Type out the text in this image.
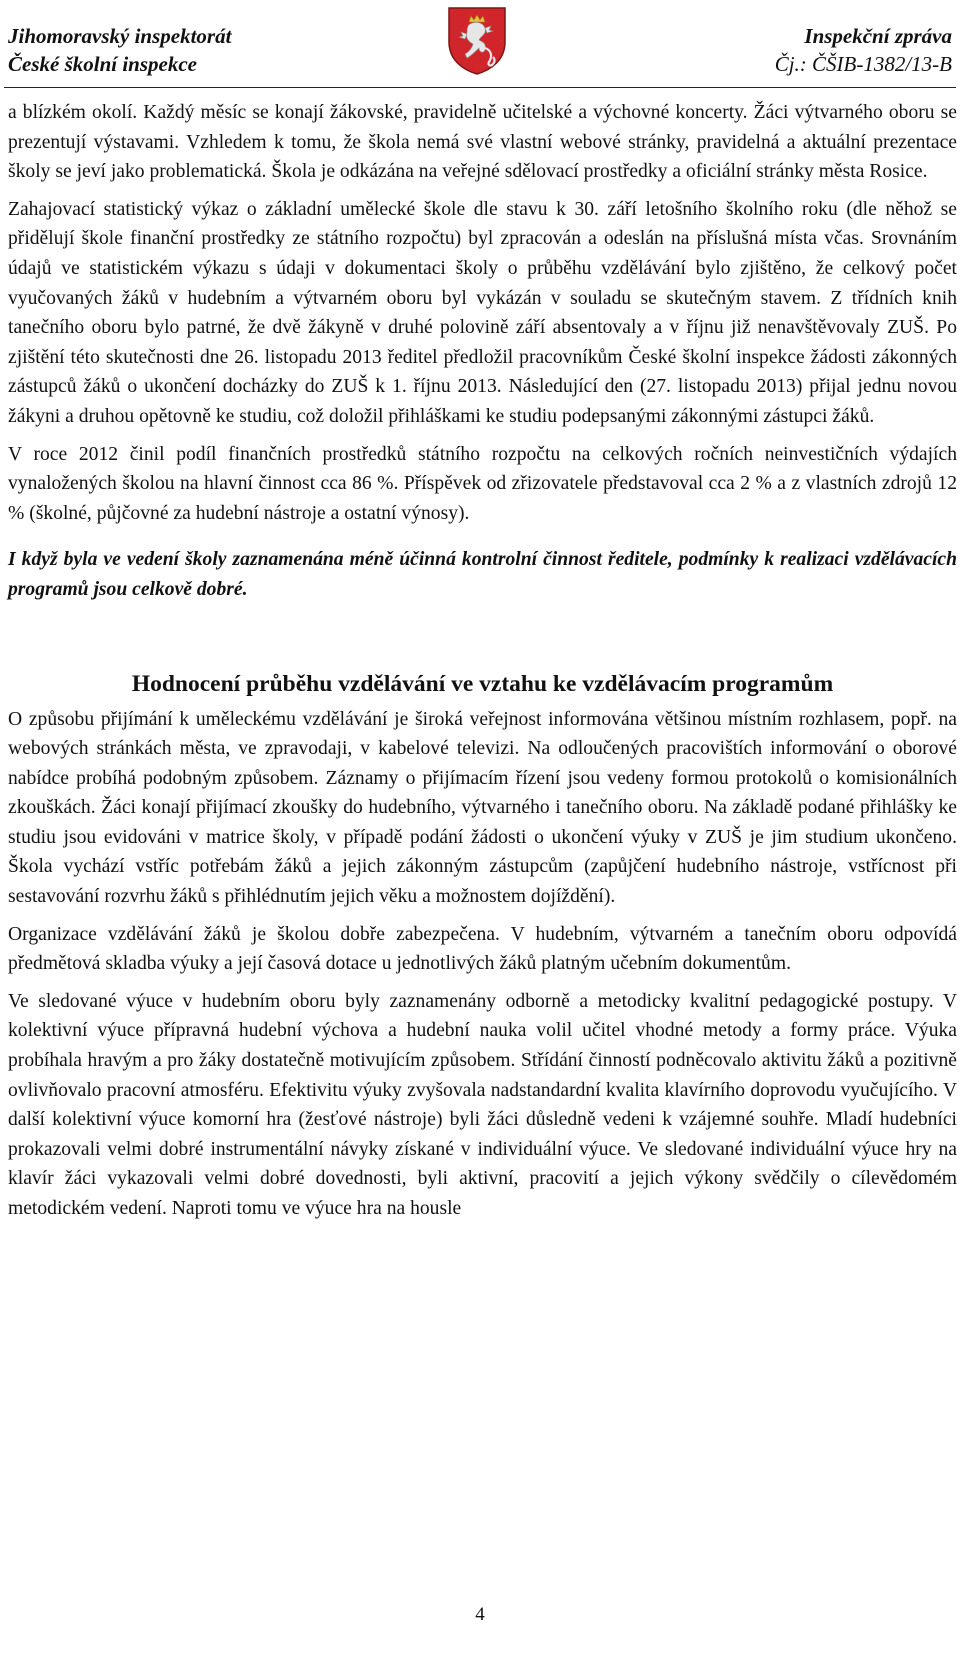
Jihomoravský inspektorát
České školní inspekce
Inspekční zpráva
Čj.: ČŠIB-1382/13-B

a blízkém okolí. Každý měsíc se konají žákovské, pravidelně učitelské a výchovné koncerty. Žáci výtvarného oboru se prezentují výstavami. Vzhledem k tomu, že škola nemá své vlastní webové stránky, pravidelná a aktuální prezentace školy se jeví jako problematická. Škola je odkázána na veřejné sdělovací prostředky a oficiální stránky města Rosice.

Zahajovací statistický výkaz o základní umělecké škole dle stavu k 30. září letošního školního roku (dle něhož se přidělují škole finanční prostředky ze státního rozpočtu) byl zpracován a odeslán na příslušná místa včas. Srovnáním údajů ve statistickém výkazu s údaji v dokumentaci školy o průběhu vzdělávání bylo zjištěno, že celkový počet vyučovaných žáků v hudebním a výtvarném oboru byl vykázán v souladu se skutečným stavem. Z třídních knih tanečního oboru bylo patrné, že dvě žákyně v druhé polovině září absentovaly a v říjnu již nenavštěvovaly ZUŠ. Po zjištění této skutečnosti dne 26. listopadu 2013 ředitel předložil pracovníkům České školní inspekce žádosti zákonných zástupců žáků o ukončení docházky do ZUŠ k 1. říjnu 2013. Následující den (27. listopadu 2013) přijal jednu novou žákyni a druhou opětovně ke studiu, což doložil přihláškami ke studiu podepsanými zákonnými zástupci žáků.

V roce 2012 činil podíl finančních prostředků státního rozpočtu na celkových ročních neinvestičních výdajích vynaložených školou na hlavní činnost cca 86 %. Příspěvek od zřizovatele představoval cca 2 % a z vlastních zdrojů 12 % (školné, půjčovné za hudební nástroje a ostatní výnosy).

I když byla ve vedení školy zaznamenána méně účinná kontrolní činnost ředitele, podmínky k realizaci vzdělávacích programů jsou celkově dobré.

Hodnocení průběhu vzdělávání ve vztahu ke vzdělávacím programům

O způsobu přijímání k uměleckému vzdělávání je široká veřejnost informována většinou místním rozhlasem, popř. na webových stránkách města, ve zpravodaji, v kabelové televizi. Na odloučených pracovištích informování o oborové nabídce probíhá podobným způsobem. Záznamy o přijímacím řízení jsou vedeny formou protokolů o komisionálních zkouškách. Žáci konají přijímací zkoušky do hudebního, výtvarného i tanečního oboru. Na základě podané přihlášky ke studiu jsou evidováni v matrice školy, v případě podání žádosti o ukončení výuky v ZUŠ je jim studium ukončeno. Škola vychází vstříc potřebám žáků a jejich zákonným zástupcům (zapůjčení hudebního nástroje, vstřícnost při sestavování rozvrhu žáků s přihlédnutím jejich věku a možnostem dojíždění).

Organizace vzdělávání žáků je školou dobře zabezpečena. V hudebním, výtvarném a tanečním oboru odpovídá předmětová skladba výuky a její časová dotace u jednotlivých žáků platným učebním dokumentům.

Ve sledované výuce v hudebním oboru byly zaznamenány odborně a metodicky kvalitní pedagogické postupy. V kolektivní výuce přípravná hudební výchova a hudební nauka volil učitel vhodné metody a formy práce. Výuka probíhala hravým a pro žáky dostatečně motivujícím způsobem. Střídání činností podněcovalo aktivitu žáků a pozitivně ovlivňovalo pracovní atmosféru. Efektivitu výuky zvyšovala nadstandardní kvalita klavírního doprovodu vyučujícího. V další kolektivní výuce komorní hra (žesťové nástroje) byli žáci důsledně vedeni k vzájemné souhře. Mladí hudebníci prokazovali velmi dobré instrumentální návyky získané v individuální výuce. Ve sledované individuální výuce hry na klavír žáci vykazovali velmi dobré dovednosti, byli aktivní, pracovití a jejich výkony svědčily o cílevědomém metodickém vedení. Naproti tomu ve výuce hra na housle

4
